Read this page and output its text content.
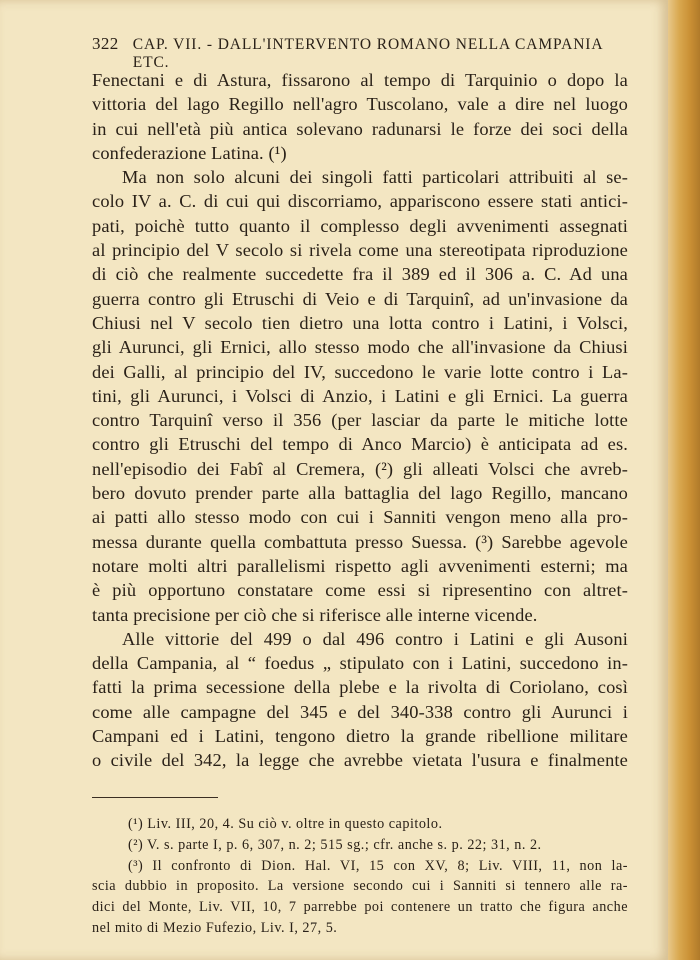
322 CAP. VII. - DALL'INTERVENTO ROMANO NELLA CAMPANIA ETC.
Fenectani e di Astura, fissarono al tempo di Tarquinio o dopo la
vittoria del lago Regillo nell'agro Tuscolano, vale a dire nel luogo
in cui nell'età più antica solevano radunarsi le forze dei soci della
confederazione Latina. (¹)
Ma non solo alcuni dei singoli fatti particolari attribuiti al se-
colo IV a. C. di cui qui discorriamo, appariscono essere stati antici-
pati, poichè tutto quanto il complesso degli avvenimenti assegnati
al principio del V secolo si rivela come una stereotipata riproduzione
di ciò che realmente succedette fra il 389 ed il 306 a. C. Ad una
guerra contro gli Etruschi di Veio e di Tarquinî, ad un'invasione da
Chiusi nel V secolo tien dietro una lotta contro i Latini, i Volsci,
gli Aurunci, gli Ernici, allo stesso modo che all'invasione da Chiusi
dei Galli, al principio del IV, succedono le varie lotte contro i La-
tini, gli Aurunci, i Volsci di Anzio, i Latini e gli Ernici. La guerra
contro Tarquinî verso il 356 (per lasciar da parte le mitiche lotte
contro gli Etruschi del tempo di Anco Marcio) è anticipata ad es.
nell'episodio dei Fabî al Cremera, (²) gli alleati Volsci che avreb-
bero dovuto prender parte alla battaglia del lago Regillo, mancano
ai patti allo stesso modo con cui i Sanniti vengon meno alla pro-
messa durante quella combattuta presso Suessa. (³) Sarebbe agevole
notare molti altri parallelismi rispetto agli avvenimenti esterni; ma
è più opportuno constatare come essi si ripresentino con altret-
tanta precisione per ciò che si riferisce alle interne vicende.
Alle vittorie del 499 o dal 496 contro i Latini e gli Ausoni
della Campania, al “ foedus „ stipulato con i Latini, succedono in-
fatti la prima secessione della plebe e la rivolta di Coriolano, così
come alle campagne del 345 e del 340-338 contro gli Aurunci i
Campani ed i Latini, tengono dietro la grande ribellione militare
o civile del 342, la legge che avrebbe vietata l'usura e finalmente
(¹) Liv. III, 20, 4. Su ciò v. oltre in questo capitolo.
(²) V. s. parte I, p. 6, 307, n. 2; 515 sg.; cfr. anche s. p. 22; 31, n. 2.
(³) Il confronto di Dion. Hal. VI, 15 con XV, 8; Liv. VIII, 11, non la-
scia dubbio in proposito. La versione secondo cui i Sanniti si tennero alle ra-
dici del Monte, Liv. VII, 10, 7 parrebbe poi contenere un tratto che figura anche
nel mito di Mezio Fufezio, Liv. I, 27, 5.
